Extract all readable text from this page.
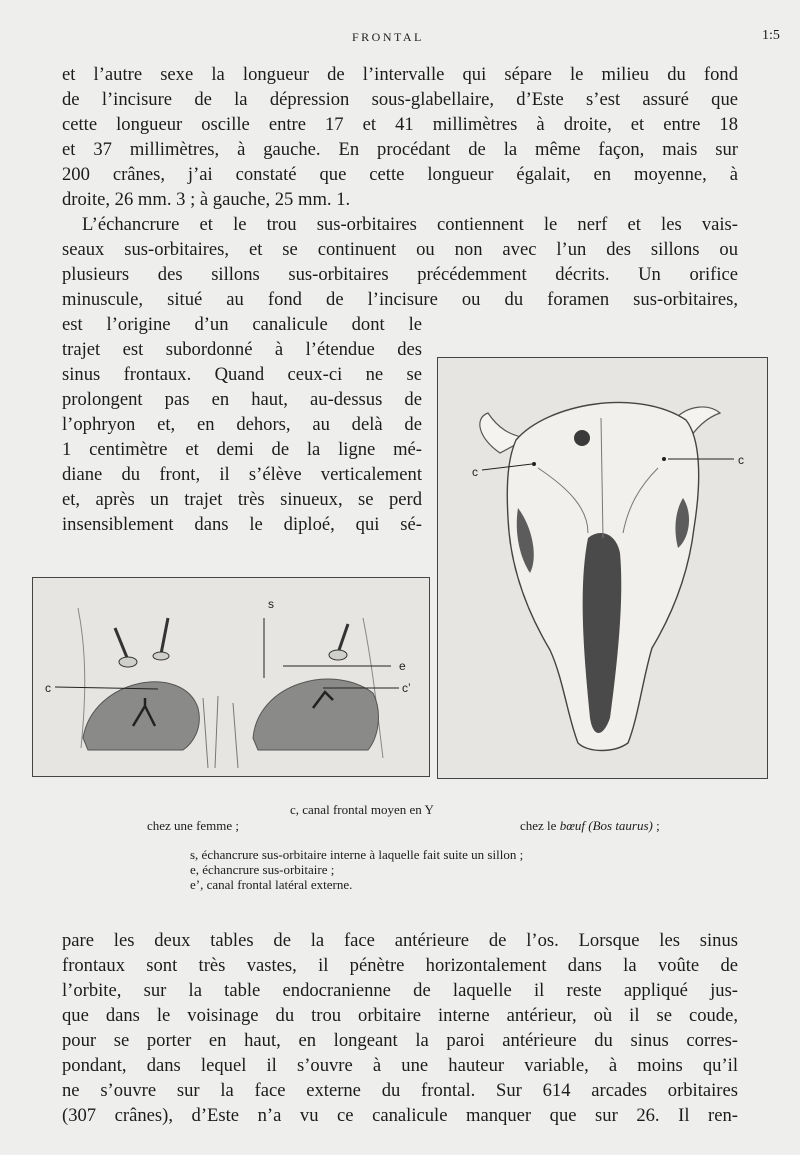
FRONTAL	1:5
et l’autre sexe la longueur de l’intervalle qui sépare le milieu du fond
de l’incisure de la dépression sous-glabellaire, d’Este s’est assuré que
cette longueur oscille entre 17 et 41 millimètres à droite, et entre 18
et 37 millimètres, à gauche. En procédant de la même façon, mais sur
200 crânes, j’ai constaté que cette longueur égalait, en moyenne, à
droite, 26 mm. 3 ; à gauche, 25 mm. 1.
L’échancrure et le trou sus-orbitaires contiennent le nerf et les vais-
seaux sus-orbitaires, et se continuent ou non avec l’un des sillons ou
plusieurs des sillons sus-orbitaires précédemment décrits. Un orifice
minuscule, situé au fond de l’incisure ou du foramen sus-orbitaires,
est l’origine d’un canalicule dont le
trajet est subordonné à l’étendue des
sinus frontaux. Quand ceux-ci ne se
prolongent pas en haut, au-dessus de
l’ophryon et, en dehors, au delà de
1 centimètre et demi de la ligne mé-
diane du front, il s’élève verticalement
et, après un trajet très sinueux, se perd
insensiblement dans le diploé, qui sé-
c
c
s
e
c	c’

c, canal frontal moyen en Y

chez une femme ;	chez le bœuf (Bos taurus) ;

s, échancrure sus-orbitaire interne à laquelle fait suite un sillon ;
e, échancrure sus-orbitaire ;
e’, canal frontal latéral externe.
pare les deux tables de la face antérieure de l’os. Lorsque les sinus
frontaux sont très vastes, il pénètre horizontalement dans la voûte de
l’orbite, sur la table endocranienne de laquelle il reste appliqué jus-
que dans le voisinage du trou orbitaire interne antérieur, où il se coude,
pour se porter en haut, en longeant la paroi antérieure du sinus corres-
pondant, dans lequel il s’ouvre à une hauteur variable, à moins qu’il
ne s’ouvre sur la face externe du frontal. Sur 614 arcades orbitaires
(307 crânes), d’Este n’a vu ce canalicule manquer que sur 26. Il ren-
